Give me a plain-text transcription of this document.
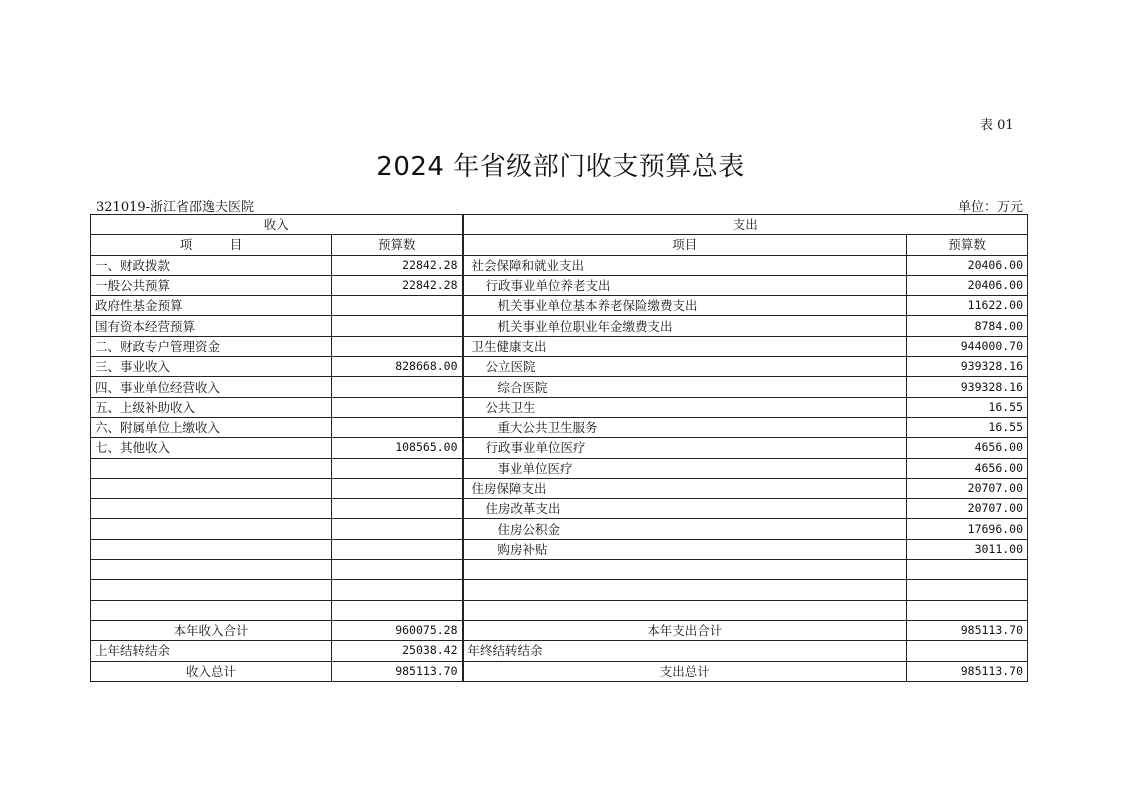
表 01
2024 年省级部门收支预算总表
321019-浙江省邵逸夫医院	单位：万元
收入		支出	
项　　　目	预算数	项目	预算数
一、财政拨款	22842.28	社会保障和就业支出	20406.00
一般公共预算	22842.28	行政事业单位养老支出	20406.00
政府性基金预算		机关事业单位基本养老保险缴费支出	11622.00
国有资本经营预算		机关事业单位职业年金缴费支出	8784.00
二、财政专户管理资金		卫生健康支出	944000.70
三、事业收入	828668.00	公立医院	939328.16
四、事业单位经营收入		综合医院	939328.16
五、上级补助收入		公共卫生	16.55
六、附属单位上缴收入		重大公共卫生服务	16.55
七、其他收入	108565.00	行政事业单位医疗	4656.00
		事业单位医疗	4656.00
		住房保障支出	20707.00
		住房改革支出	20707.00
		住房公积金	17696.00
		购房补贴	3011.00

本年收入合计	960075.28	本年支出合计	985113.70
上年结转结余	25038.42	年终结转结余	
收入总计	985113.70	支出总计	985113.70
